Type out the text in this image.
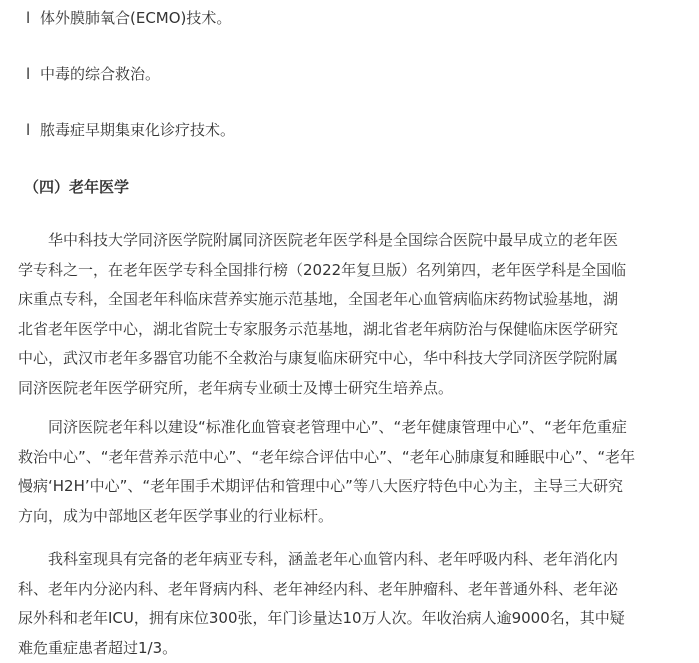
l 体外膜肺氧合(ECMO)技术。
l 中毒的综合救治。
l 脓毒症早期集束化诊疗技术。
（四）老年医学
华中科技大学同济医学院附属同济医院老年医学科是全国综合医院中最早成立的老年医
学专科之一，在老年医学专科全国排行榜（2022年复旦版）名列第四，老年医学科是全国临
床重点专科，全国老年科临床营养实施示范基地，全国老年心血管病临床药物试验基地，湖
北省老年医学中心，湖北省院士专家服务示范基地，湖北省老年病防治与保健临床医学研究
中心，武汉市老年多器官功能不全救治与康复临床研究中心，华中科技大学同济医学院附属
同济医院老年医学研究所，老年病专业硕士及博士研究生培养点。
同济医院老年科以建设“标准化血管衰老管理中心”、“老年健康管理中心”、“老年危重症
救治中心”、“老年营养示范中心”、“老年综合评估中心”、“老年心肺康复和睡眠中心”、“老年
慢病‘H2H’中心”、“老年围手术期评估和管理中心”等八大医疗特色中心为主，主导三大研究
方向，成为中部地区老年医学事业的行业标杆。
我科室现具有完备的老年病亚专科，涵盖老年心血管内科、老年呼吸内科、老年消化内
科、老年内分泌内科、老年肾病内科、老年神经内科、老年肿瘤科、老年普通外科、老年泌
尿外科和老年ICU，拥有床位300张，年门诊量达10万人次。年收治病人逾9000名，其中疑
难危重症患者超过1/3。
